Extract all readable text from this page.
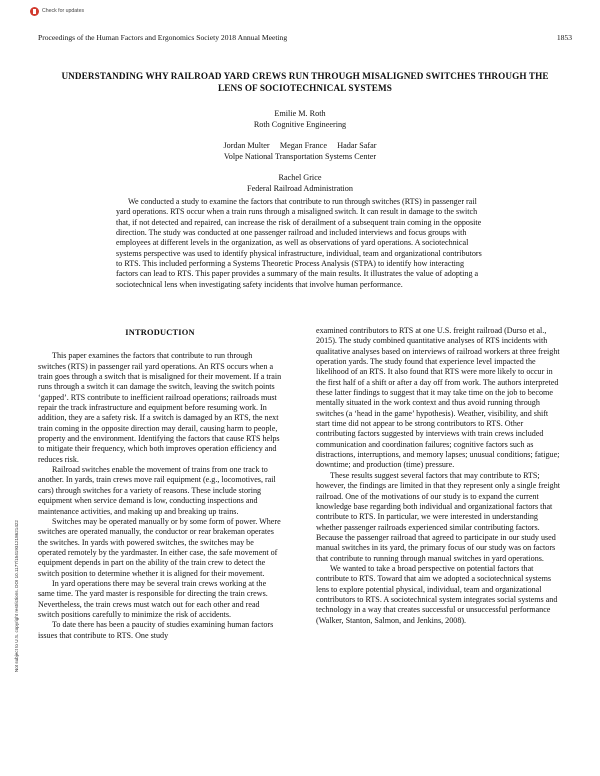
Check for updates
Proceedings of the Human Factors and Ergonomics Society 2018 Annual Meeting	1853
Not subject to U.S. copyright restrictions. DOI 10.1177/1541931218621422
UNDERSTANDING WHY RAILROAD YARD CREWS RUN THROUGH MISALIGNED SWITCHES THROUGH THE LENS OF SOCIOTECHNICAL SYSTEMS
Emilie M. Roth
Roth Cognitive Engineering
Jordan Multer Megan France Hadar Safar
Volpe National Transportation Systems Center
Rachel Grice
Federal Railroad Administration

We conducted a study to examine the factors that contribute to run through switches (RTS) in passenger rail yard operations. RTS occur when a train runs through a misaligned switch. It can result in damage to the switch that, if not detected and repaired, can increase the risk of derailment of a subsequent train coming in the opposite direction. The study was conducted at one passenger railroad and included interviews and focus groups with employees at different levels in the organization, as well as observations of yard operations. A sociotechnical systems perspective was used to identify physical infrastructure, individual, team and organizational contributors to RTS. This included performing a Systems Theoretic Process Analysis (STPA) to identify how interacting factors can lead to RTS. This paper provides a summary of the main results. It illustrates the value of adopting a sociotechnical lens when investigating safety incidents that involve human performance.

INTRODUCTION

This paper examines the factors that contribute to run through switches (RTS) in passenger rail yard operations. An RTS occurs when a train goes through a switch that is misaligned for their movement. If a train runs through a switch it can damage the switch, leaving the switch points ‘gapped’. RTS contribute to inefficient railroad operations; railroads must repair the track infrastructure and equipment before resuming work. In addition, they are a safety risk. If a switch is damaged by an RTS, the next train coming in the opposite direction may derail, causing harm to people, property and the environment. Identifying the factors that cause RTS helps to mitigate their frequency, which both improves operation efficiency and reduces risk.

Railroad switches enable the movement of trains from one track to another. In yards, train crews move rail equipment (e.g., locomotives, rail cars) through switches for a variety of reasons. These include storing equipment when service demand is low, conducting inspections and maintenance activities, and making up and breaking up trains.

Switches may be operated manually or by some form of power. Where switches are operated manually, the conductor or rear brakeman operates the switches. In yards with powered switches, the switches may be operated remotely by the yardmaster. In either case, the safe movement of equipment depends in part on the ability of the train crew to detect the switch position to determine whether it is aligned for their movement.

In yard operations there may be several train crews working at the same time. The yard master is responsible for directing the train crews. Nevertheless, the train crews must watch out for each other and read switch positions carefully to minimize the risk of accidents.

To date there has been a paucity of studies examining human factors issues that contribute to RTS. One study

examined contributors to RTS at one U.S. freight railroad (Durso et al., 2015). The study combined quantitative analyses of RTS incidents with qualitative analyses based on interviews of railroad workers at three freight operation yards. The study found that experience level impacted the likelihood of an RTS. It also found that RTS were more likely to occur in the first half of a shift or after a day off from work. The authors interpreted these latter findings to suggest that it may take time on the job to become mentally situated in the work context and thus avoid running through switches (a ‘head in the game’ hypothesis). Weather, visibility, and shift start time did not appear to be strong contributors to RTS. Other contributing factors suggested by interviews with train crews included communication and coordination failures; cognitive factors such as distractions, interruptions, and memory lapses; unusual conditions; fatigue; downtime; and production (time) pressure.

These results suggest several factors that may contribute to RTS; however, the findings are limited in that they represent only a single freight railroad. One of the motivations of our study is to expand the current knowledge base regarding both individual and organizational factors that contribute to RTS. In particular, we were interested in understanding whether passenger railroads experienced similar contributing factors. Because the passenger railroad that agreed to participate in our study used manual switches in its yard, the primary focus of our study was on factors that contribute to running through manual switches in yard operations.

We wanted to take a broad perspective on potential factors that contribute to RTS. Toward that aim we adopted a sociotechnical systems lens to explore potential physical, individual, team and organizational contributors to RTS. A sociotechnical system integrates social systems and technology in a way that creates successful or unsuccessful performance (Walker, Stanton, Salmon, and Jenkins, 2008).
